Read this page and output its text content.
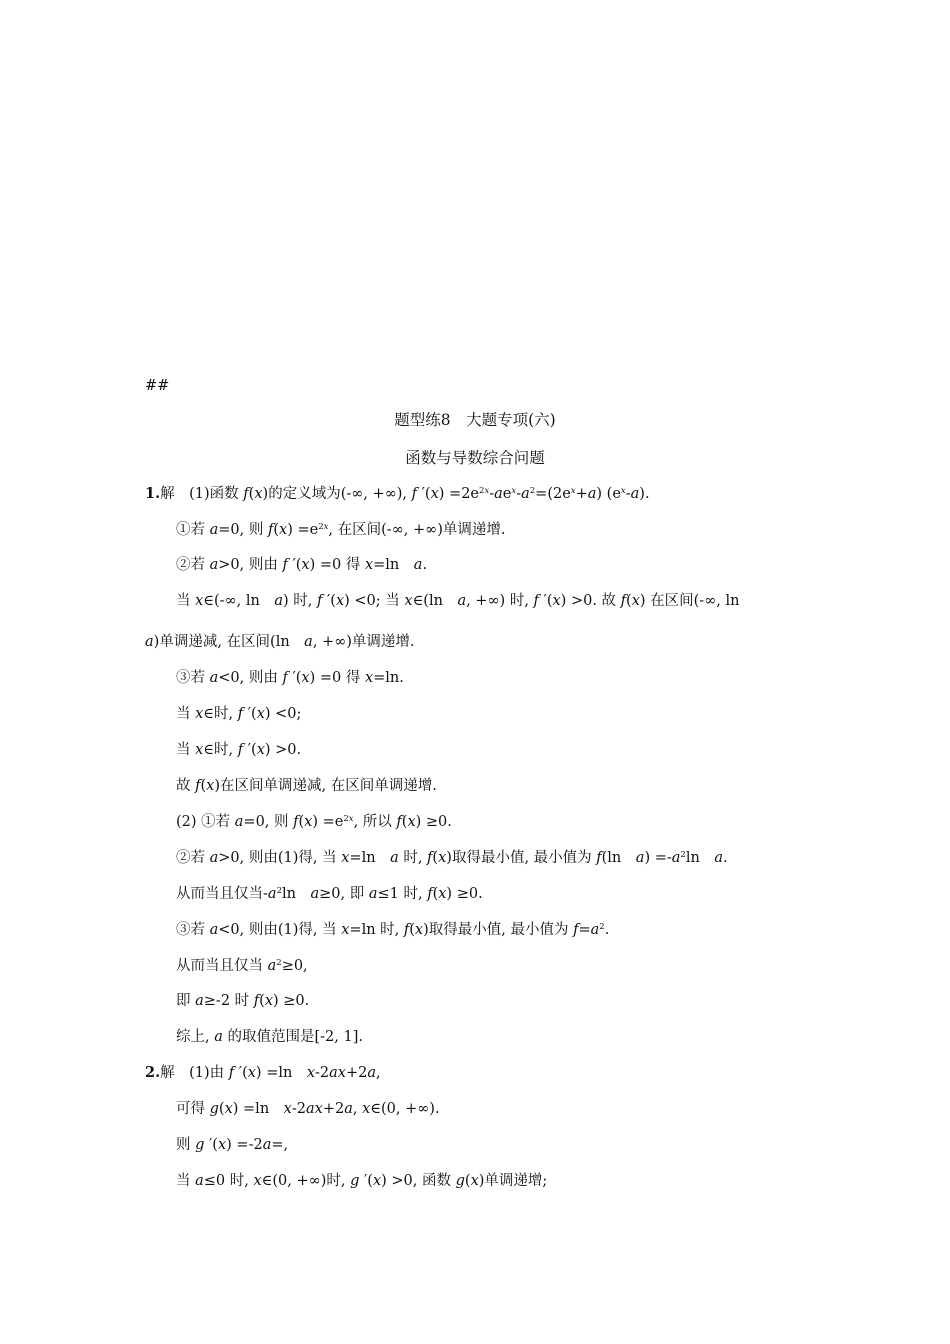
##
题型练8　大题专项(六)
函数与导数综合问题
1.解　(1)函数 f(x)的定义域为(-∞, +∞), f $'(x) =2e^{2x}-ae^x-a^2=(2e^x+a)$ $(e^x-a)$.
①若 a=0, 则 $f(x) =e^{2x}$, 在区间(-∞, +∞)单调递增.
②若 a>0, 则由 f ′(x) =0 得 x=ln　a.
当 x∈(-∞, ln　a) 时, f ′(x) <0; 当 x∈(ln　a, +∞) 时, f ′(x) >0. 故 f(x) 在区间(-∞, ln
a)单调递减, 在区间(ln　a, +∞)单调递增.
③若 a<0, 则由 f ′(x) =0 得 x=ln.
当 x∈时, f ′(x) <0;
当 x∈时, f ′(x) >0.
故 f(x)在区间单调递减, 在区间单调递增.
(2) ①若 a=0, 则 $f(x) =e^{2x}$, 所以 f(x) ≥0.
②若 a>0, 则由(1)得, 当 x=ln　a 时, f(x)取得最小值, 最小值为 f(ln　$a) =-a^2\ln$　a.
从而当且仅当$-a^2\ln$　a≥0, 即 a≤1 时, f(x) ≥0.
③若 a<0, 则由(1)得, 当 x=ln 时, f(x)取得最小值, 最小值为 $f=a^2$.
从而当且仅当 $a^2\ge 0$,
即 a≥-2 时 f(x) ≥0.
综上, a 的取值范围是[-2, 1].
2.解　(1)由 f ′(x) =ln　x-2ax+2a,
可得 g(x) =ln　x-2ax+2a, x∈(0, +∞).
则 g ′(x) =-2a=,
当 a≤0 时, x∈(0, +∞)时, g ′(x) >0, 函数 g(x)单调递增;
